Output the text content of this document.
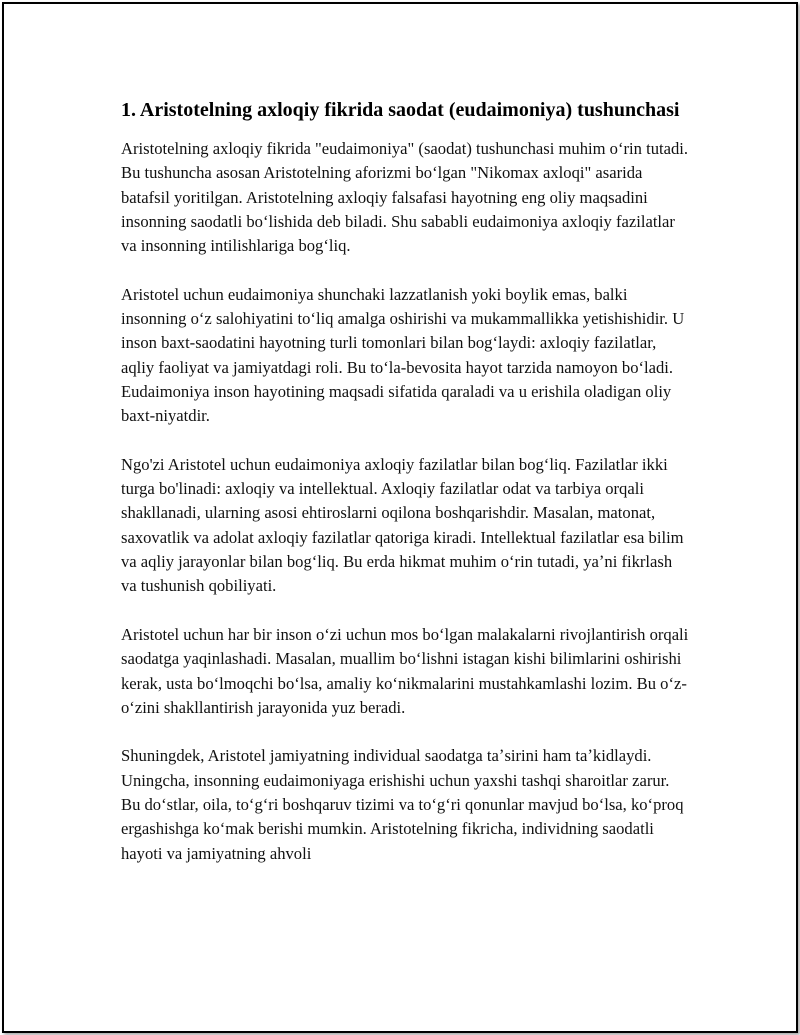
1. Aristotelning axloqiy fikrida saodat (eudaimoniya) tushunchasi

Aristotelning axloqiy fikrida "eudaimoniya" (saodat) tushunchasi muhim oʻrin tutadi. Bu tushuncha asosan Aristotelning aforizmi boʻlgan "Nikomax axloqi" asarida batafsil yoritilgan. Aristotelning axloqiy falsafasi hayotning eng oliy maqsadini insonning saodatli boʻlishida deb biladi. Shu sababli eudaimoniya axloqiy fazilatlar va insonning intilishlariga bogʻliq.

Aristotel uchun eudaimoniya shunchaki lazzatlanish yoki boylik emas, balki insonning oʻz salohiyatini toʻliq amalga oshirishi va mukammallikka yetishishidir. U inson baxt-saodatini hayotning turli tomonlari bilan bogʻlaydi: axloqiy fazilatlar, aqliy faoliyat va jamiyatdagi roli. Bu toʻla-bevosita hayot tarzida namoyon boʻladi. Eudaimoniya inson hayotining maqsadi sifatida qaraladi va u erishila oladigan oliy baxt-niyatdir.

Ngo'zi Aristotel uchun eudaimoniya axloqiy fazilatlar bilan bogʻliq. Fazilatlar ikki turga bo'linadi: axloqiy va intellektual. Axloqiy fazilatlar odat va tarbiya orqali shakllanadi, ularning asosi ehtiroslarni oqilona boshqarishdir. Masalan, matonat, saxovatlik va adolat axloqiy fazilatlar qatoriga kiradi. Intellektual fazilatlar esa bilim va aqliy jarayonlar bilan bogʻliq. Bu erda hikmat muhim oʻrin tutadi, yaʼni fikrlash va tushunish qobiliyati.

Aristotel uchun har bir inson oʻzi uchun mos boʻlgan malakalarni rivojlantirish orqali saodatga yaqinlashadi. Masalan, muallim boʻlishni istagan kishi bilimlarini oshirishi kerak, usta boʻlmoqchi boʻlsa, amaliy koʻnikmalarini mustahkamlashi lozim. Bu oʻz-oʻzini shakllantirish jarayonida yuz beradi.

Shuningdek, Aristotel jamiyatning individual saodatga taʼsirini ham taʼkidlaydi. Uningcha, insonning eudaimoniyaga erishishi uchun yaxshi tashqi sharoitlar zarur. Bu doʻstlar, oila, toʻgʻri boshqaruv tizimi va toʻgʻri qonunlar mavjud boʻlsa, koʻproq ergashishga koʻmak berishi mumkin. Aristotelning fikricha, individning saodatli hayoti va jamiyatning ahvoli
